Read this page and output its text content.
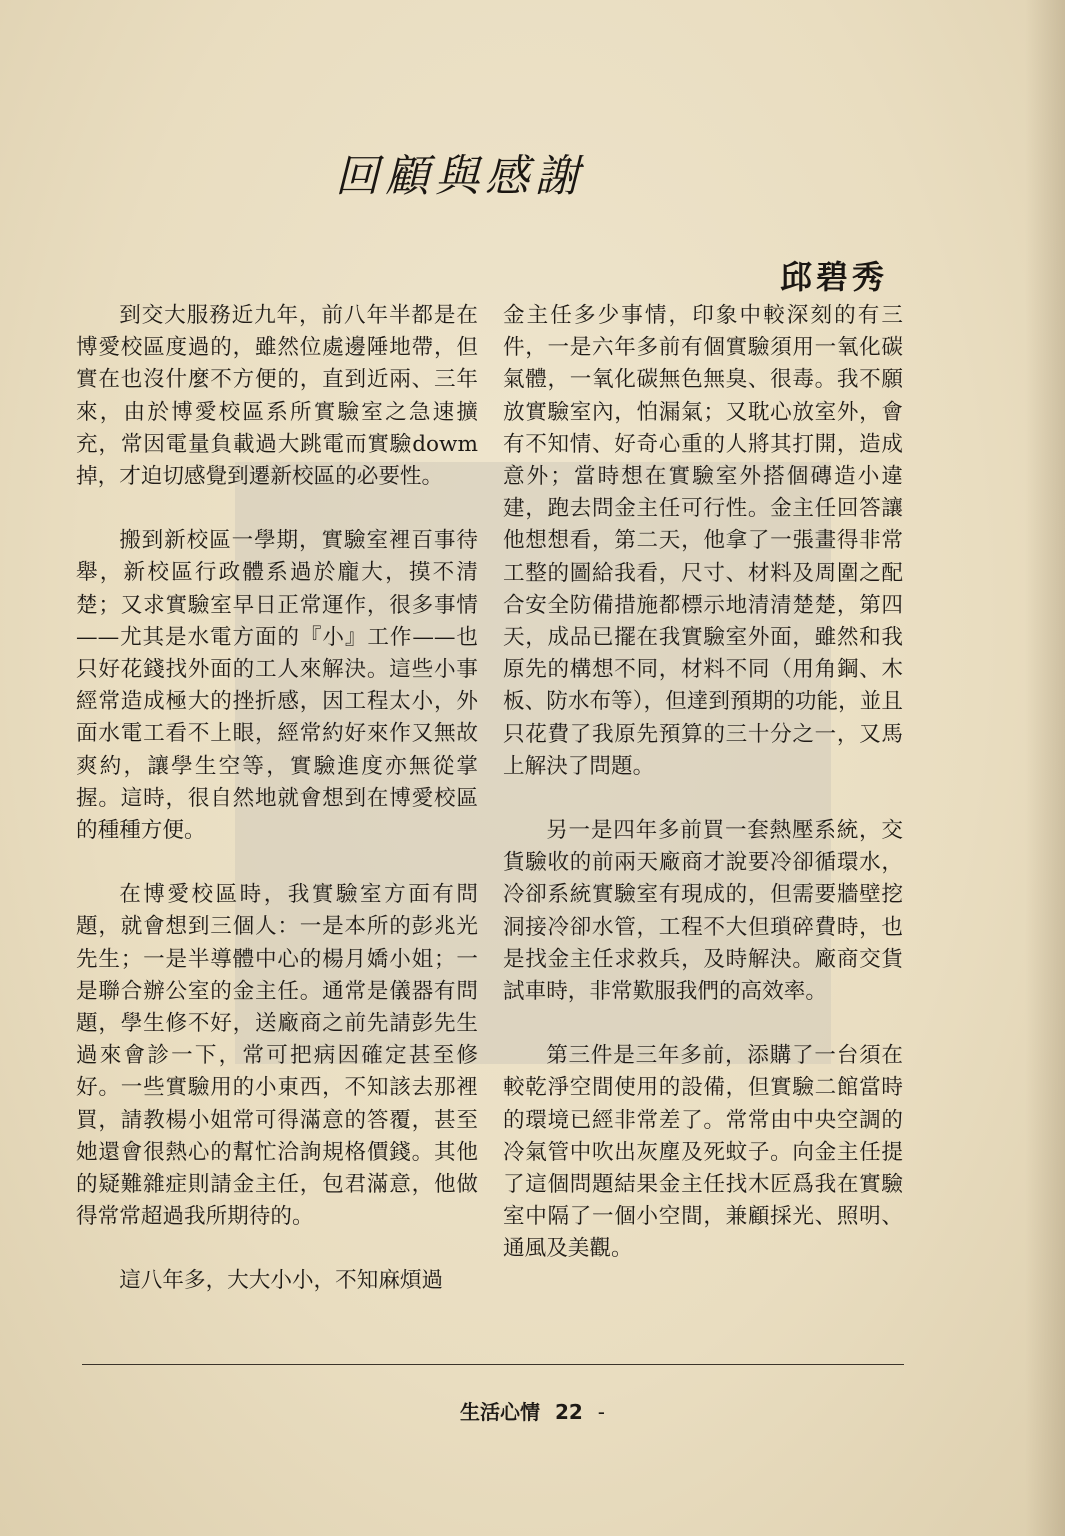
回顧與感謝
邱碧秀

到交大服務近九年，前八年半都是在博愛校區度過的，雖然位處邊陲地帶，但實在也沒什麼不方便的，直到近兩、三年來，由於博愛校區系所實驗室之急速擴充，常因電量負載過大跳電而實驗dowm掉，才迫切感覺到遷新校區的必要性。

搬到新校區一學期，實驗室裡百事待舉，新校區行政體系過於龐大，摸不清楚；又求實驗室早日正常運作，很多事情——尤其是水電方面的『小』工作——也只好花錢找外面的工人來解決。這些小事經常造成極大的挫折感，因工程太小，外面水電工看不上眼，經常約好來作又無故爽約，讓學生空等，實驗進度亦無從掌握。這時，很自然地就會想到在博愛校區的種種方便。

在博愛校區時，我實驗室方面有問題，就會想到三個人：一是本所的彭兆光先生；一是半導體中心的楊月嬌小姐；一是聯合辦公室的金主任。通常是儀器有問題，學生修不好，送廠商之前先請彭先生過來會診一下，常可把病因確定甚至修好。一些實驗用的小東西，不知該去那裡買，請教楊小姐常可得滿意的答覆，甚至她還會很熱心的幫忙洽詢規格價錢。其他的疑難雜症則請金主任，包君滿意，他做得常常超過我所期待的。

這八年多，大大小小，不知麻煩過

金主任多少事情，印象中較深刻的有三件，一是六年多前有個實驗須用一氧化碳氣體，一氧化碳無色無臭、很毒。我不願放實驗室內，怕漏氣；又耽心放室外，會有不知情、好奇心重的人將其打開，造成意外；當時想在實驗室外搭個磚造小違建，跑去問金主任可行性。金主任回答讓他想想看，第二天，他拿了一張畫得非常工整的圖給我看，尺寸、材料及周圍之配合安全防備措施都標示地清清楚楚，第四天，成品已擺在我實驗室外面，雖然和我原先的構想不同，材料不同（用角鋼、木板、防水布等），但達到預期的功能，並且只花費了我原先預算的三十分之一，又馬上解決了問題。

另一是四年多前買一套熱壓系統，交貨驗收的前兩天廠商才說要冷卻循環水，冷卻系統實驗室有現成的，但需要牆壁挖洞接冷卻水管，工程不大但瑣碎費時，也是找金主任求救兵，及時解決。廠商交貨試車時，非常歎服我們的高效率。

第三件是三年多前，添購了一台須在較乾淨空間使用的設備，但實驗二館當時的環境已經非常差了。常常由中央空調的冷氣管中吹出灰塵及死蚊子。向金主任提了這個問題結果金主任找木匠爲我在實驗室中隔了一個小空間，兼顧採光、照明、通風及美觀。

生活心情 22 -
